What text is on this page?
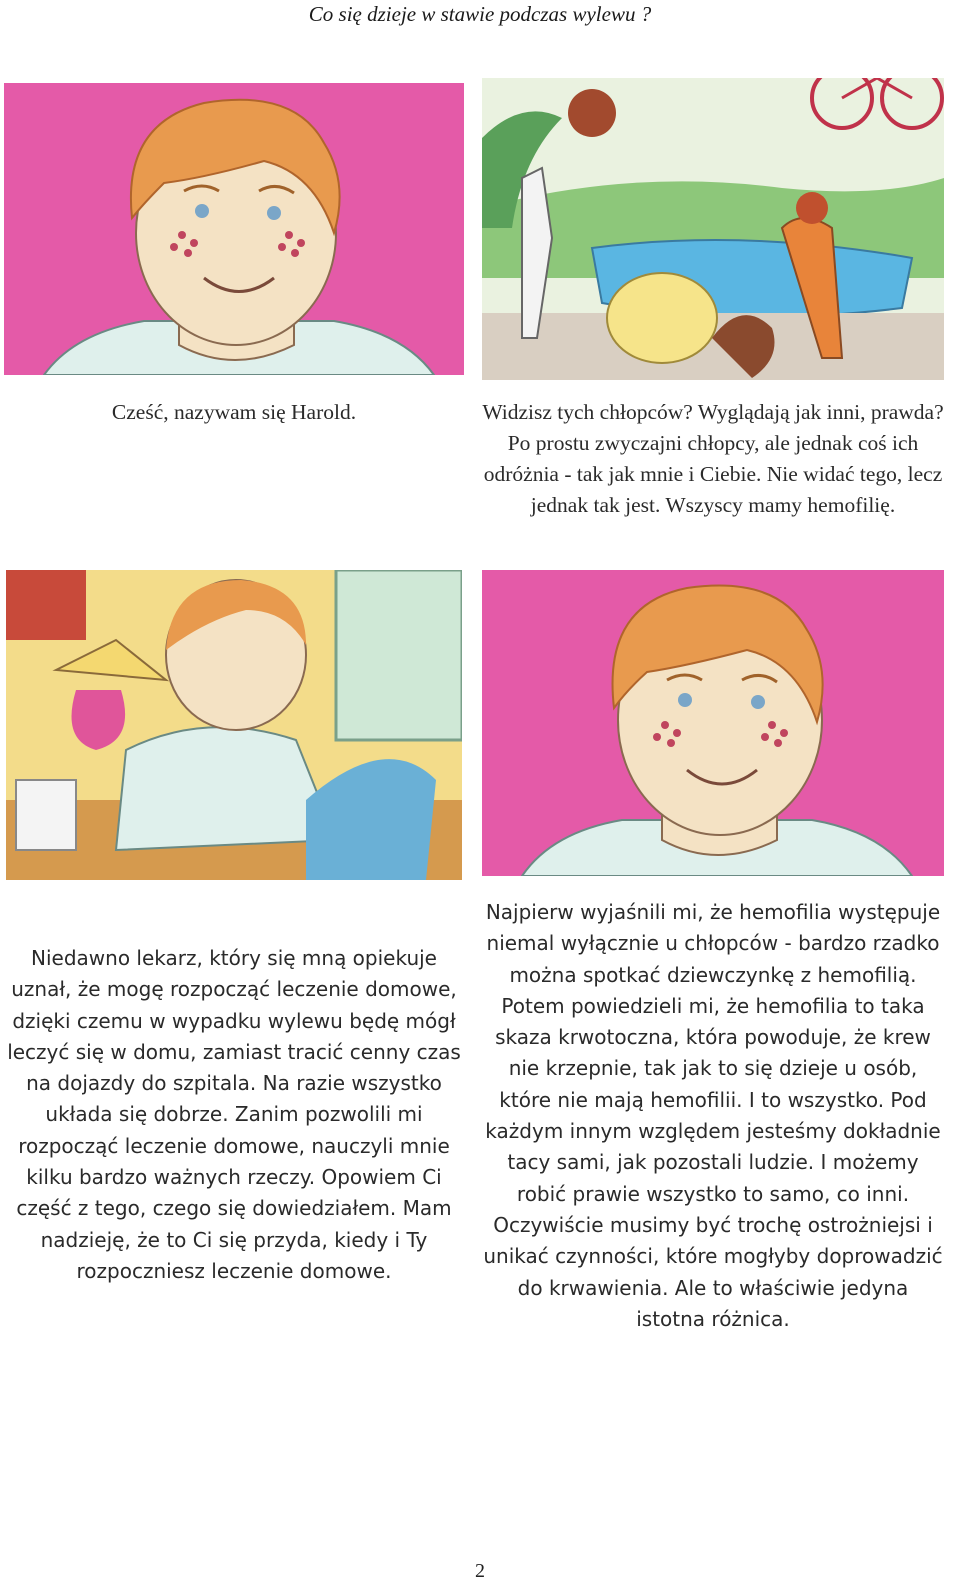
Co się dzieje w stawie podczas wylewu ?
Cześć, nazywam się Harold.	Widzisz tych chłopców? Wyglądają jak inni, prawda? Po prostu zwyczajni chłopcy, ale jednak coś ich odróżnia - tak jak mnie i Ciebie. Nie widać tego, lecz jednak tak jest. Wszyscy mamy hemofilię.
Niedawno lekarz, który się mną opiekuje uznał, że mogę rozpocząć leczenie domowe, dzięki czemu w wypadku wylewu będę mógł leczyć się w domu, zamiast tracić cenny czas na dojazdy do szpitala. Na razie wszystko układa się dobrze. Zanim pozwolili mi rozpocząć leczenie domowe, nauczyli mnie kilku bardzo ważnych rzeczy. Opowiem Ci część z tego, czego się dowiedziałem. Mam nadzieję, że to Ci się przyda, kiedy i Ty rozpoczniesz leczenie domowe.
Najpierw wyjaśnili mi, że hemofilia występuje niemal wyłącznie u chłopców - bardzo rzadko można spotkać dziewczynkę z hemofilią. Potem powiedzieli mi, że hemofilia to taka skaza krwotoczna, która powoduje, że krew nie krzepnie, tak jak to się dzieje u osób, które nie mają hemofilii. I to wszystko. Pod każdym innym względem jesteśmy dokładnie tacy sami, jak pozostali ludzie. I możemy robić prawie wszystko to samo, co inni. Oczywiście musimy być trochę ostrożniejsi i unikać czynności, które mogłyby doprowadzić do krwawienia. Ale to właściwie jedyna istotna różnica.
2
